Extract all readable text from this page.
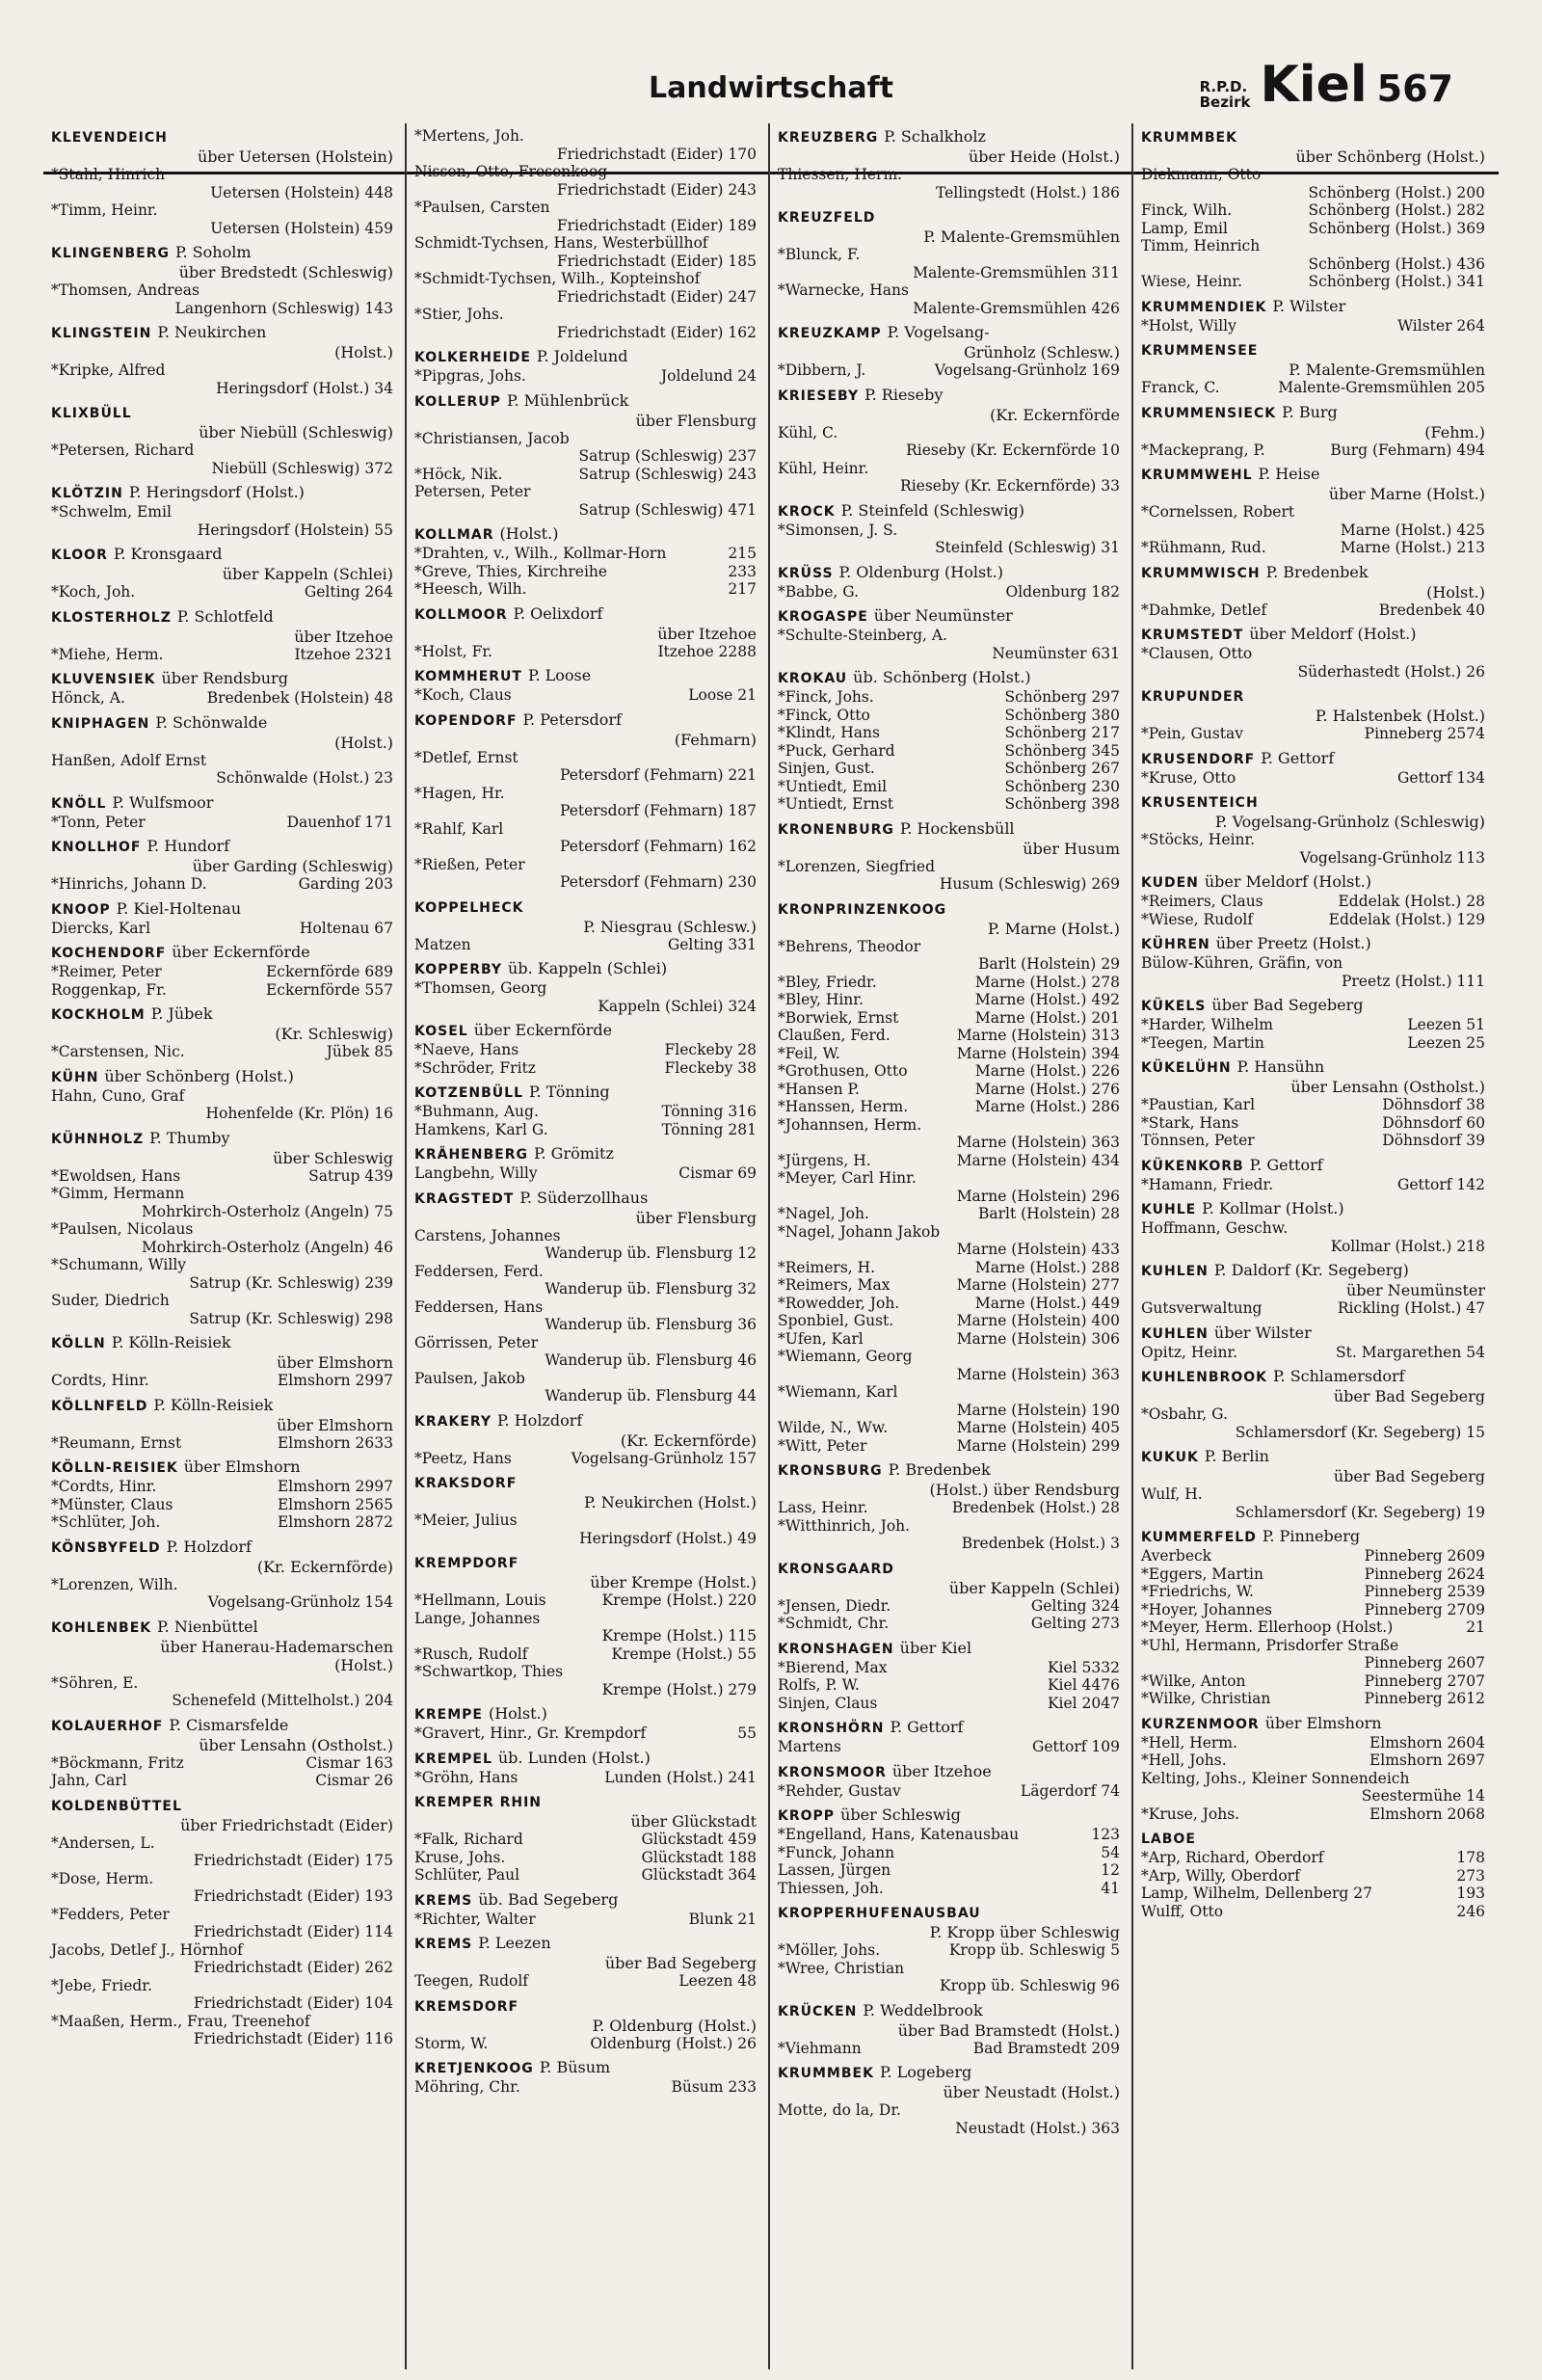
Landwirtschaft	R.P.D.
Bezirk Kiel 567
KLEVENDEICH
über Uetersen (Holstein)
*Stahl, Hinrich
Uetersen (Holstein) 448
*Timm, Heinr.
Uetersen (Holstein) 459
KLINGENBERG P. Soholm
über Bredstedt (Schleswig)
*Thomsen, Andreas
Langenhorn (Schleswig) 143
KLINGSTEIN P. Neukirchen
(Holst.)
*Kripke, Alfred
Heringsdorf (Holst.) 34
KLIXBÜLL
über Niebüll (Schleswig)
*Petersen, Richard
Niebüll (Schleswig) 372
KLÖTZIN P. Heringsdorf (Holst.)
*Schwelm, Emil
Heringsdorf (Holstein) 55
KLOOR P. Kronsgaard
über Kappeln (Schlei)
*Koch, Joh.	Gelting 264
KLOSTERHOLZ P. Schlotfeld
über Itzehoe
*Miehe, Herm.	Itzehoe 2321
KLUVENSIEK über Rendsburg
Hönck, A.	Bredenbek (Holstein) 48
KNIPHAGEN P. Schönwalde
(Holst.)
Hanßen, Adolf Ernst
Schönwalde (Holst.) 23
KNÖLL P. Wulfsmoor
*Tonn, Peter	Dauenhof 171
KNOLLHOF P. Hundorf
über Garding (Schleswig)
*Hinrichs, Johann D.	Garding 203
KNOOP P. Kiel-Holtenau
Diercks, Karl	Holtenau 67
KOCHENDORF über Eckernförde
*Reimer, Peter	Eckernförde 689
Roggenkap, Fr.	Eckernförde 557
KOCKHOLM P. Jübek
(Kr. Schleswig)
*Carstensen, Nic.	Jübek 85
KÜHN über Schönberg (Holst.)
Hahn, Cuno, Graf
Hohenfelde (Kr. Plön) 16
KÜHNHOLZ P. Thumby
über Schleswig
*Ewoldsen, Hans	Satrup 439
*Gimm, Hermann
Mohrkirch-Osterholz (Angeln) 75
*Paulsen, Nicolaus
Mohrkirch-Osterholz (Angeln) 46
*Schumann, Willy
Satrup (Kr. Schleswig) 239
Suder, Diedrich
Satrup (Kr. Schleswig) 298
KÖLLN P. Kölln-Reisiek
über Elmshorn
Cordts, Hinr.	Elmshorn 2997
KÖLLNFELD P. Kölln-Reisiek
über Elmshorn
*Reumann, Ernst	Elmshorn 2633
KÖLLN-REISIEK über Elmshorn
*Cordts, Hinr.	Elmshorn 2997
*Münster, Claus	Elmshorn 2565
*Schlüter, Joh.	Elmshorn 2872
KÖNSBYFELD P. Holzdorf
(Kr. Eckernförde)
*Lorenzen, Wilh.
Vogelsang-Grünholz 154
KOHLENBEK P. Nienbüttel
über Hanerau-Hademarschen
(Holst.)
*Söhren, E.
Schenefeld (Mittelholst.) 204
KOLAUERHOF P. Cismarsfelde
über Lensahn (Ostholst.)
*Böckmann, Fritz	Cismar 163
Jahn, Carl	Cismar 26
KOLDENBÜTTEL
über Friedrichstadt (Eider)
*Andersen, L.
Friedrichstadt (Eider) 175
*Dose, Herm.
Friedrichstadt (Eider) 193
*Fedders, Peter
Friedrichstadt (Eider) 114
Jacobs, Detlef J., Hörnhof
Friedrichstadt (Eider) 262
*Jebe, Friedr.
Friedrichstadt (Eider) 104
*Maaßen, Herm., Frau, Treenehof
Friedrichstadt (Eider) 116
*Mertens, Joh.
Friedrichstadt (Eider) 170
Nissen, Otto, Fresenkoog
Friedrichstadt (Eider) 243
*Paulsen, Carsten
Friedrichstadt (Eider) 189
Schmidt-Tychsen, Hans, Westerbüllhof
Friedrichstadt (Eider) 185
*Schmidt-Tychsen, Wilh., Kopteinshof
Friedrichstadt (Eider) 247
*Stier, Johs.
Friedrichstadt (Eider) 162
KOLKERHEIDE P. Joldelund
*Pipgras, Johs.	Joldelund 24
KOLLERUP P. Mühlenbrück
über Flensburg
*Christiansen, Jacob
Satrup (Schleswig) 237
*Höck, Nik.	Satrup (Schleswig) 243
Petersen, Peter
Satrup (Schleswig) 471
KOLLMAR (Holst.)
*Drahten, v., Wilh., Kollmar-Horn	215
*Greve, Thies, Kirchreihe	233
*Heesch, Wilh.	217
KOLLMOOR P. Oelixdorf
über Itzehoe
*Holst, Fr.	Itzehoe 2288
KOMMHERUT P. Loose
*Koch, Claus	Loose 21
KOPENDORF P. Petersdorf
(Fehmarn)
*Detlef, Ernst
Petersdorf (Fehmarn) 221
*Hagen, Hr.
Petersdorf (Fehmarn) 187
*Rahlf, Karl
Petersdorf (Fehmarn) 162
*Rießen, Peter
Petersdorf (Fehmarn) 230
KOPPELHECK
P. Niesgrau (Schlesw.)
Matzen	Gelting 331
KOPPERBY üb. Kappeln (Schlei)
*Thomsen, Georg
Kappeln (Schlei) 324
KOSEL über Eckernförde
*Naeve, Hans	Fleckeby 28
*Schröder, Fritz	Fleckeby 38
KOTZENBÜLL P. Tönning
*Buhmann, Aug.	Tönning 316
Hamkens, Karl G.	Tönning 281
KRÄHENBERG P. Grömitz
Langbehn, Willy	Cismar 69
KRAGSTEDT P. Süderzollhaus
über Flensburg
Carstens, Johannes
Wanderup üb. Flensburg 12
Feddersen, Ferd.
Wanderup üb. Flensburg 32
Feddersen, Hans
Wanderup üb. Flensburg 36
Görrissen, Peter
Wanderup üb. Flensburg 46
Paulsen, Jakob
Wanderup üb. Flensburg 44
KRAKERY P. Holzdorf
(Kr. Eckernförde)
*Peetz, Hans	Vogelsang-Grünholz 157
KRAKSDORF
P. Neukirchen (Holst.)
*Meier, Julius
Heringsdorf (Holst.) 49
KREMPDORF
über Krempe (Holst.)
*Hellmann, Louis	Krempe (Holst.) 220
Lange, Johannes
Krempe (Holst.) 115
*Rusch, Rudolf	Krempe (Holst.) 55
*Schwartkop, Thies
Krempe (Holst.) 279
KREMPE (Holst.)
*Gravert, Hinr., Gr. Krempdorf	55
KREMPEL üb. Lunden (Holst.)
*Gröhn, Hans	Lunden (Holst.) 241
KREMPER RHIN
über Glückstadt
*Falk, Richard	Glückstadt 459
Kruse, Johs.	Glückstadt 188
Schlüter, Paul	Glückstadt 364
KREMS üb. Bad Segeberg
*Richter, Walter	Blunk 21
KREMS P. Leezen
über Bad Segeberg
Teegen, Rudolf	Leezen 48
KREMSDORF
P. Oldenburg (Holst.)
Storm, W.	Oldenburg (Holst.) 26
KRETJENKOOG P. Büsum
Möhring, Chr.	Büsum 233
KREUZBERG P. Schalkholz
über Heide (Holst.)
Thiessen, Herm.
Tellingstedt (Holst.) 186
KREUZFELD
P. Malente-Gremsmühlen
*Blunck, F.
Malente-Gremsmühlen 311
*Warnecke, Hans
Malente-Gremsmühlen 426
KREUZKAMP P. Vogelsang-
Grünholz (Schlesw.)
*Dibbern, J.	Vogelsang-Grünholz 169
KRIESEBY P. Rieseby
(Kr. Eckernförde
Kühl, C.
Rieseby (Kr. Eckernförde 10
Kühl, Heinr.
Rieseby (Kr. Eckernförde) 33
KROCK P. Steinfeld (Schleswig)
*Simonsen, J. S.
Steinfeld (Schleswig) 31
KRÜSS P. Oldenburg (Holst.)
*Babbe, G.	Oldenburg 182
KROGASPE über Neumünster
*Schulte-Steinberg, A.
Neumünster 631
KROKAU üb. Schönberg (Holst.)
*Finck, Johs.	Schönberg 297
*Finck, Otto	Schönberg 380
*Klindt, Hans	Schönberg 217
*Puck, Gerhard	Schönberg 345
Sinjen, Gust.	Schönberg 267
*Untiedt, Emil	Schönberg 230
*Untiedt, Ernst	Schönberg 398
KRONENBURG P. Hockensbüll
über Husum
*Lorenzen, Siegfried
Husum (Schleswig) 269
KRONPRINZENKOOG
P. Marne (Holst.)
*Behrens, Theodor
Barlt (Holstein) 29
*Bley, Friedr.	Marne (Holst.) 278
*Bley, Hinr.	Marne (Holst.) 492
*Borwiek, Ernst	Marne (Holst.) 201
Claußen, Ferd.	Marne (Holstein) 313
*Feil, W.	Marne (Holstein) 394
*Grothusen, Otto	Marne (Holst.) 226
*Hansen P.	Marne (Holst.) 276
*Hanssen, Herm.	Marne (Holst.) 286
*Johannsen, Herm.
Marne (Holstein) 363
*Jürgens, H.	Marne (Holstein) 434
*Meyer, Carl Hinr.
Marne (Holstein) 296
*Nagel, Joh.	Barlt (Holstein) 28
*Nagel, Johann Jakob
Marne (Holstein) 433
*Reimers, H.	Marne (Holst.) 288
*Reimers, Max	Marne (Holstein) 277
*Rowedder, Joh.	Marne (Holst.) 449
Sponbiel, Gust.	Marne (Holstein) 400
*Ufen, Karl	Marne (Holstein) 306
*Wiemann, Georg
Marne (Holstein) 363
*Wiemann, Karl
Marne (Holstein) 190
Wilde, N., Ww.	Marne (Holstein) 405
*Witt, Peter	Marne (Holstein) 299
KRONSBURG P. Bredenbek
(Holst.) über Rendsburg
Lass, Heinr.	Bredenbek (Holst.) 28
*Witthinrich, Joh.
Bredenbek (Holst.) 3
KRONSGAARD
über Kappeln (Schlei)
*Jensen, Diedr.	Gelting 324
*Schmidt, Chr.	Gelting 273
KRONSHAGEN über Kiel
*Bierend, Max	Kiel 5332
Rolfs, P. W.	Kiel 4476
Sinjen, Claus	Kiel 2047
KRONSHÖRN P. Gettorf
Martens	Gettorf 109
KRONSMOOR über Itzehoe
*Rehder, Gustav	Lägerdorf 74
KROPP über Schleswig
*Engelland, Hans, Katenausbau	123
*Funck, Johann	54
Lassen, Jürgen	12
Thiessen, Joh.	41
KROPPERHUFENAUSBAU
P. Kropp über Schleswig
*Möller, Johs.	Kropp üb. Schleswig 5
*Wree, Christian
Kropp üb. Schleswig 96
KRÜCKEN P. Weddelbrook
über Bad Bramstedt (Holst.)
*Viehmann	Bad Bramstedt 209
KRUMMBEK P. Logeberg
über Neustadt (Holst.)
Motte, do la, Dr.
Neustadt (Holst.) 363
KRUMMBEK
über Schönberg (Holst.)
Diekmann, Otto
Schönberg (Holst.) 200
Finck, Wilh.	Schönberg (Holst.) 282
Lamp, Emil	Schönberg (Holst.) 369
Timm, Heinrich
Schönberg (Holst.) 436
Wiese, Heinr.	Schönberg (Holst.) 341
KRUMMENDIEK P. Wilster
*Holst, Willy	Wilster 264
KRUMMENSEE
P. Malente-Gremsmühlen
Franck, C.	Malente-Gremsmühlen 205
KRUMMENSIECK P. Burg
(Fehm.)
*Mackeprang, P.	Burg (Fehmarn) 494
KRUMMWEHL P. Heise
über Marne (Holst.)
*Cornelssen, Robert
Marne (Holst.) 425
*Rühmann, Rud.	Marne (Holst.) 213
KRUMMWISCH P. Bredenbek
(Holst.)
*Dahmke, Detlef	Bredenbek 40
KRUMSTEDT über Meldorf (Holst.)
*Clausen, Otto
Süderhastedt (Holst.) 26
KRUPUNDER
P. Halstenbek (Holst.)
*Pein, Gustav	Pinneberg 2574
KRUSENDORF P. Gettorf
*Kruse, Otto	Gettorf 134
KRUSENTEICH
P. Vogelsang-Grünholz (Schleswig)
*Stöcks, Heinr.
Vogelsang-Grünholz 113
KUDEN über Meldorf (Holst.)
*Reimers, Claus	Eddelak (Holst.) 28
*Wiese, Rudolf	Eddelak (Holst.) 129
KÜHREN über Preetz (Holst.)
Bülow-Kühren, Gräfin, von
Preetz (Holst.) 111
KÜKELS über Bad Segeberg
*Harder, Wilhelm	Leezen 51
*Teegen, Martin	Leezen 25
KÜKELÜHN P. Hansühn
über Lensahn (Ostholst.)
*Paustian, Karl	Döhnsdorf 38
*Stark, Hans	Döhnsdorf 60
Tönnsen, Peter	Döhnsdorf 39
KÜKENKORB P. Gettorf
*Hamann, Friedr.	Gettorf 142
KUHLE P. Kollmar (Holst.)
Hoffmann, Geschw.
Kollmar (Holst.) 218
KUHLEN P. Daldorf (Kr. Segeberg)
über Neumünster
Gutsverwaltung	Rickling (Holst.) 47
KUHLEN über Wilster
Opitz, Heinr.	St. Margarethen 54
KUHLENBROOK P. Schlamersdorf
über Bad Segeberg
*Osbahr, G.
Schlamersdorf (Kr. Segeberg) 15
KUKUK P. Berlin
über Bad Segeberg
Wulf, H.
Schlamersdorf (Kr. Segeberg) 19
KUMMERFELD P. Pinneberg
Averbeck	Pinneberg 2609
*Eggers, Martin	Pinneberg 2624
*Friedrichs, W.	Pinneberg 2539
*Hoyer, Johannes	Pinneberg 2709
*Meyer, Herm. Ellerhoop (Holst.)	21
*Uhl, Hermann, Prisdorfer Straße
Pinneberg 2607
*Wilke, Anton	Pinneberg 2707
*Wilke, Christian	Pinneberg 2612
KURZENMOOR über Elmshorn
*Hell, Herm.	Elmshorn 2604
*Hell, Johs.	Elmshorn 2697
Kelting, Johs., Kleiner Sonnendeich
Seestermühe 14
*Kruse, Johs.	Elmshorn 2068
LABOE
*Arp, Richard, Oberdorf	178
*Arp, Willy, Oberdorf	273
Lamp, Wilhelm, Dellenberg 27	193
Wulff, Otto	246
